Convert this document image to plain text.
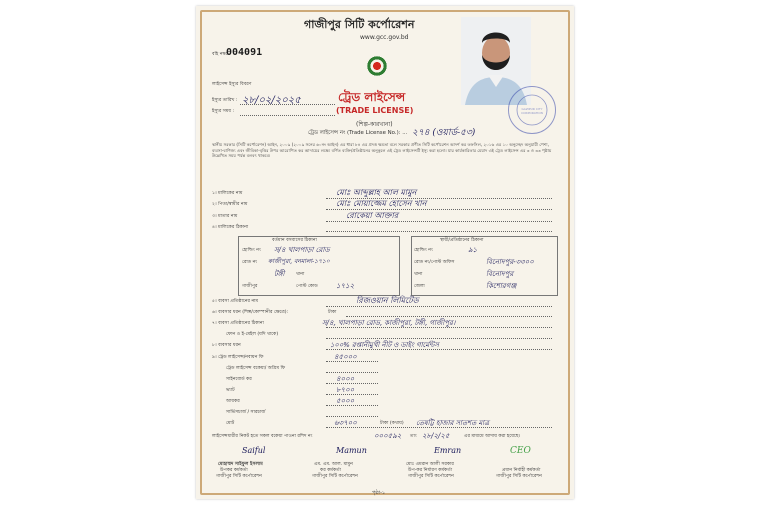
গাজীপুর সিটি কর্পোরেশন
www.gcc.gov.bd
বহি নম্বর
004091
GAZIPUR CITY CORPORATION
ট্রেড লাইসেন্স
(TRADE LICENSE)
(শিল্প-কারখানা)
লাইসেন্স ইস্যুর বিবরণ
ইস্যুর তারিখ : ২৮/০২/২০২৫
ইস্যুর সময় :
ট্রেড লাইসেন্স নং (Trade License No.): ... ২৭৪ (ওয়ার্ড-৫৩)
স্থানীয় সরকার (সিটি কর্পোরেশন) আইন, ২০০৯ (২০০৯ সনের ৬০নং আইন) এর ধারা ৮৪ এর প্রদত্ত ক্ষমতা বলে সরকার প্রণীত সিটি কর্পোরেশন আদর্শ কর তফসিল, ২০১৬ এর ১০ অনুচ্ছেদ অনুযায়ী পেশা, ব্যবসা-বাণিজ্য এবং জীবিকা-বৃত্তির উপর আরোপিত কর আদায়ের লক্ষ্যে বর্ণিত ব্যক্তি/প্রতিষ্ঠানের অনুকূলে এই ট্রেড লাইসেন্সটি ইস্যু করা হলো। যার কার্যকারিতার মেয়াদ এই ট্রেড লাইসেন্স এর ৩ ও ৩৩ পৃষ্ঠায় উল্লেখিত সময় পর্যন্ত বলবৎ থাকবে।
১। মালিকের নাম	মোঃ আব্দুল্লাহ আল মামুন
২। পিতা/স্বামীর নাম	মোঃ মোয়াজ্জেম হোসেন খান
৩। মাতার নাম	রোকেয়া আক্তার
৪। মালিকের ঠিকানা
বর্তমান বসবাসের ঠিকানা	স্থায়ী/প্রতিষ্ঠানের ঠিকানা
হোল্ডিং নং স/৪ খালপাড়া রোড
রোড নং কাজীপুরা, বনমালা-১৭১০
থানা
টঙ্গী
গাজীপুর	পোস্ট কোড	১৭১২
হোল্ডিং নং	৯১
রোড নং/পোস্ট অফিস	বিনোদপুর-৩৩০০
থানা	বিনোদপুর
জেলা	কিশোরগঞ্জ
৫। ব্যবসা প্রতিষ্ঠানের নাম	রিজওয়ান লিমিটেড
৬। ব্যবসার ধরন (শিল্প/কোম্পানীর ক্ষেত্রে):	টাকা
৭। ব্যবসা প্রতিষ্ঠানের ঠিকানা	স/৪, খালপাড়া রোড, কাজীপুরা, টঙ্গী, গাজীপুর।
ফোন ও ই-মেইল (যদি থাকে)
৮। ব্যবসার ধরন	১০০% রপ্তানীমুখী নীট ও ডাইং গার্মেন্টস
৯। ট্রেড লাইসেন্স/নবায়ন ফি	৪৫০০০
ট্রেড লাইসেন্স বকেয়া/ অগ্রিম ফি
সাইনবোর্ড কর	৪০০০
ভ্যাট	৮৭০০
আয়কর	৫০০০
সার্ভিসচার্জ / সারচার্জ
মোট	৬৩৭০০	টাকা (কথায়) তেষট্টি হাজার সাতশত মাত্র
লাইসেন্সধারীর নিকট হতে সকল বকেয়া পাওনা রশিদ নং	০০০৫৯২ তাং ২৮/২/২৫	এর মাধ্যমে আদায় করা হয়েছে।
Saiful
মোহাম্মদ সাইফুল ইসলাম
উপকর কর্মকর্তা
গাজীপুর সিটি কর্পোরেশন
Mamun
এম. এম. আল. মামুন
কর কর্মকর্তা
গাজীপুর সিটি কর্পোরেশন
Emran
মোঃ এমরান আলী সরকার
উপ-কর নির্ধারণ কর্মকর্তা
গাজীপুর সিটি কর্পোরেশন
CEO
প্রধান নির্বাহী কর্মকর্তা
গাজীপুর সিটি কর্পোরেশন
পৃষ্ঠা-১
